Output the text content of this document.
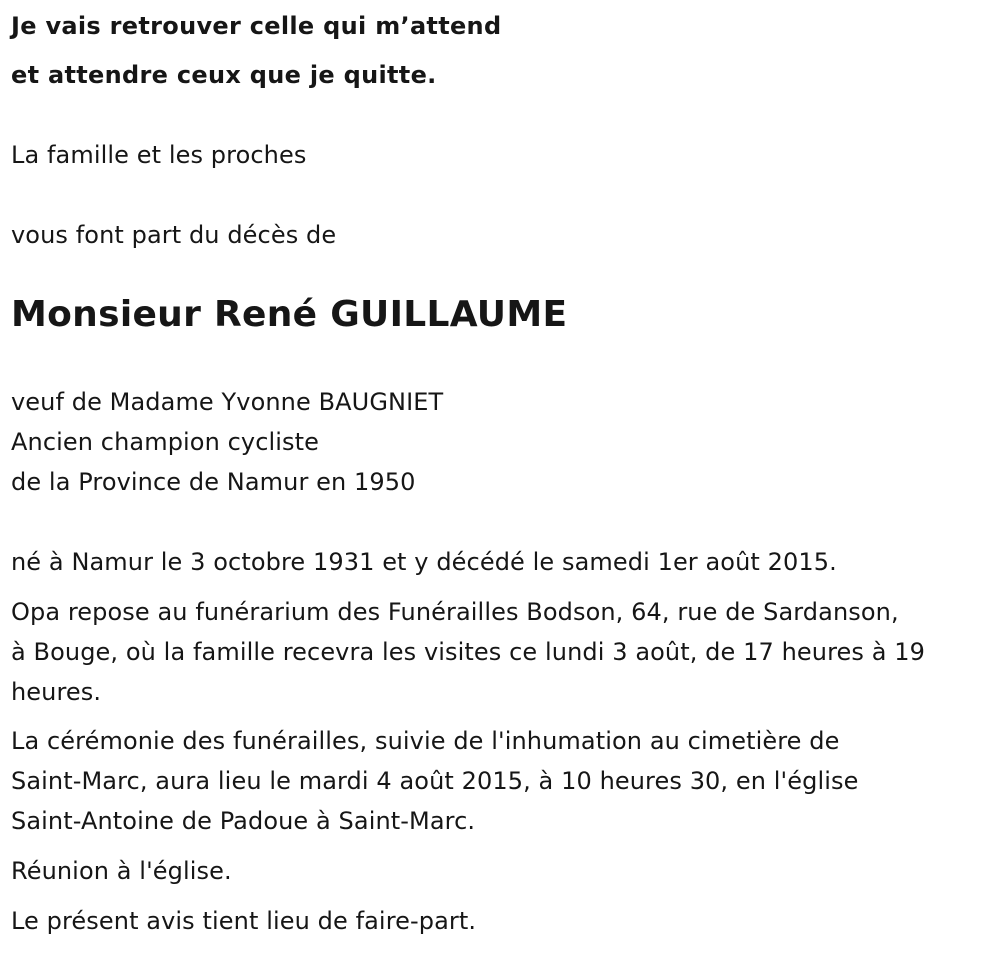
Je vais retrouver celle qui m’attend
et attendre ceux que je quitte.
La famille et les proches
vous font part du décès de
Monsieur René GUILLAUME
veuf de Madame Yvonne BAUGNIET
Ancien champion cycliste
de la Province de Namur en 1950
né à Namur le 3 octobre 1931 et y décédé le samedi 1er août 2015.
Opa repose au funérarium des Funérailles Bodson, 64, rue de Sardanson,
à Bouge, où la famille recevra les visites ce lundi 3 août, de 17 heures à 19
heures.
La cérémonie des funérailles, suivie de l'inhumation au cimetière de
Saint-Marc, aura lieu le mardi 4 août 2015, à 10 heures 30, en l'église
Saint-Antoine de Padoue à Saint-Marc.
Réunion à l'église.
Le présent avis tient lieu de faire-part.
